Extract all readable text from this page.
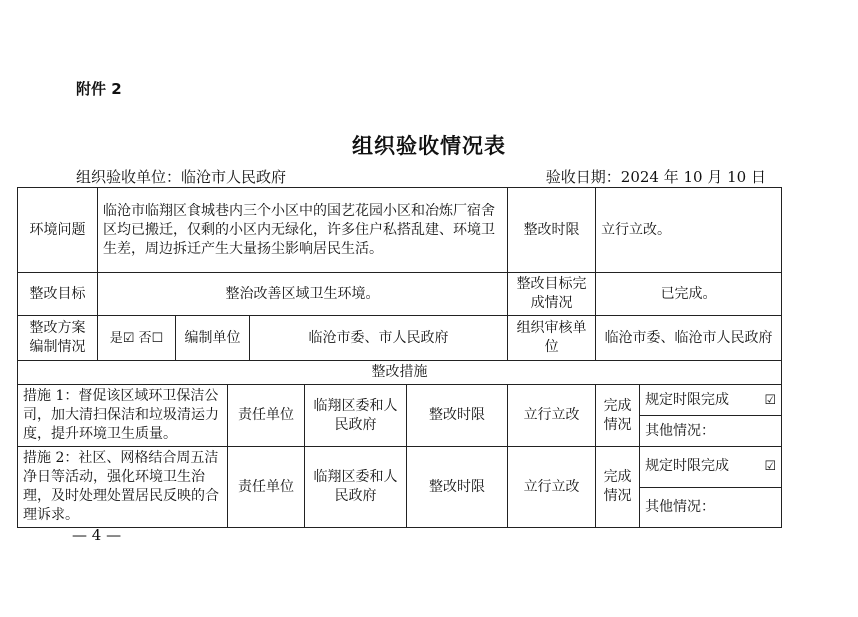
附件 2
组织验收情况表
组织验收单位：临沧市人民政府	验收日期：2024 年 10 月 10 日
环境问题	临沧市临翔区食城巷内三个小区中的国艺花园小区和冶炼厂宿舍区均已搬迁，仅剩的小区内无绿化，许多住户私搭乱建、环境卫生差，周边拆迁产生大量扬尘影响居民生活。						整改时限	立行立改。	
整改目标	整治改善区域卫生环境。						整改目标完成情况	已完成。	
整改方案编制情况	是☑ 否☐	编制单位		临沧市委、市人民政府			组织审核单位	临沧市委、临沧市人民政府	
整改措施									
措施 1：督促该区域环卫保洁公司，加大清扫保洁和垃圾清运力度，提升环境卫生质量。			责任单位		临翔区委和人民政府	整改时限	立行立改	完成情况	规定时限完成 ☑

									其他情况：
措施 2：社区、网格结合周五洁净日等活动，强化环境卫生治理，及时处理处置居民反映的合理诉求。			责任单位		临翔区委和人民政府	整改时限	立行立改	完成情况	规定时限完成 ☑

									其他情况：
— 4 —
